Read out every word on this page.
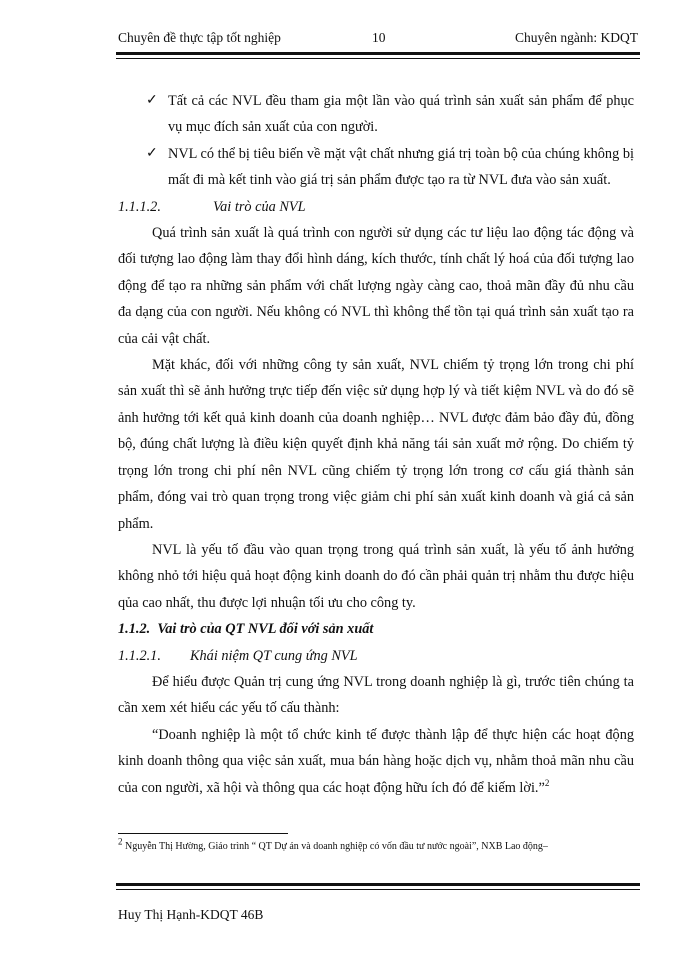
Chuyên đề thực tập tốt nghiệp	10	Chuyên ngành: KDQT

✓ Tất cả các NVL đều tham gia một lần vào quá trình sản xuất sản phẩm để phục vụ mục đích sản xuất của con người.

✓ NVL có thể bị tiêu biến về mặt vật chất nhưng giá trị toàn bộ của chúng không bị mất đi mà kết tinh vào giá trị sản phẩm được tạo ra từ NVL đưa vào sản xuất.

1.1.1.2.	Vai trò của NVL

Quá trình sản xuất là quá trình con người sử dụng các tư liệu lao động tác động và đối tượng lao động làm thay đổi hình dáng, kích thước, tính chất lý hoá của đối tượng lao động để tạo ra những sản phẩm với chất lượng ngày càng cao, thoả mãn đầy đủ nhu cầu đa dạng của con người. Nếu không có NVL thì không thể tồn tại quá trình sản xuất tạo ra của cải vật chất.

Mặt khác, đối với những công ty sản xuất, NVL chiếm tỷ trọng lớn trong chi phí sản xuất thì sẽ ảnh hưởng trực tiếp đến việc sử dụng hợp lý và tiết kiệm NVL và do đó sẽ ảnh hưởng tới kết quả kinh doanh của doanh nghiệp… NVL được đảm bảo đầy đủ, đồng bộ, đúng chất lượng là điều kiện quyết định khả năng tái sản xuất mở rộng. Do chiếm tỷ trọng lớn trong chi phí nên NVL cũng chiếm tỷ trọng lớn trong cơ cấu giá thành sản phẩm, đóng vai trò quan trọng trong việc giảm chi phí sản xuất kinh doanh và giá cả sản phẩm.

NVL là yếu tố đầu vào quan trọng trong quá trình sản xuất, là yếu tố ảnh hưởng không nhỏ tới hiệu quả hoạt động kinh doanh do đó cần phải quản trị nhằm thu được hiệu qủa cao nhất, thu được lợi nhuận tối ưu cho công ty.

1.1.2. Vai trò của QT NVL đối với sản xuất

1.1.2.1. Khái niệm QT cung ứng NVL

Để hiểu được Quản trị cung ứng NVL trong doanh nghiệp là gì, trước tiên chúng ta cần xem xét hiểu các yếu tố cấu thành:

“Doanh nghiệp là một tổ chức kinh tế được thành lập để thực hiện các hoạt động kinh doanh thông qua việc sản xuất, mua bán hàng hoặc dịch vụ, nhằm thoả mãn nhu cầu của con người, xã hội và thông qua các hoạt động hữu ích đó để kiếm lời.”$^2$

$^2$ Nguyễn Thị Hường, Giáo trình “ QT Dự án và doanh nghiệp có vốn đầu tư nước ngoài”, NXB Lao động–
Huy Thị Hạnh-KDQT 46B
